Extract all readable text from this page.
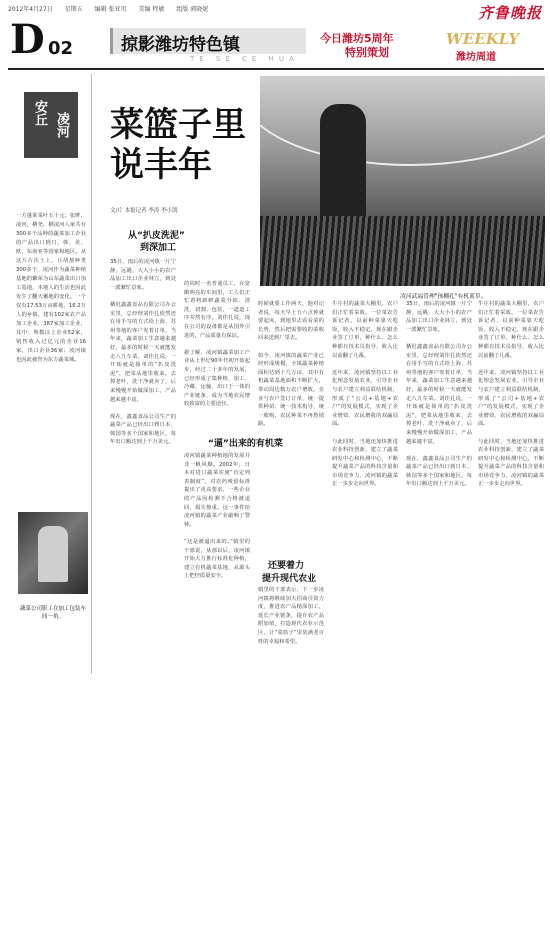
2012年4月27日 星期五 编辑 张亚男 美编 程敏 组版 郭晓妮	齐鲁晚报
D 02	掠影潍坊特色镇
TE SE CE HUA
今日潍坊5周年
特别策划
WEEKLY
潍坊周道
安丘 凌河
一方蓬莱菜叶五十元；张畔，凌河，栖尧，栖凌河人家共有300多个品种的蔬菜加工企业的产品出口到日、韩、美、欧、东南亚等国家和地区。从这片片沃土上，丘胡葱种类300多个，凌河作为蔬菜种植基地的繁荣为山东蔬菜出口加工基地，本地人的生活也因此发生了翻天覆地的变化。一个仅有17.53万亩耕地、16.2万人的乡镇，建有102家农产品加工企业，387家加工企业，其中：规模以上企业52家，销售收入过亿元的企业16家，出口企业36家；凌河镇也因此被誉为东方蔬菜城。
蔬菜公司职工在加工包装车间一角。
菜篮子里
说丰年
文/片 本报记者 李涛 李小凯
凌河武福管理"孩棚孔"有机蓝草。
从“扒皮洗泥”
到深加工
35日，雨后的凌河镇一片宁静，远眺，大大小小的农产品加工出口企业林立，到处一派繁忙景象。

栖迟鑫鑫食品有限公司办公室里，总经理刘佳扎依然还在用手写的方式给上海、苏州等地的客户发着订单，当年来，蔬菜加工生意越来越好，最多的时候一天就能发走八九车菜。刘佳扎说，一开始就是简单的“扒皮洗泥”，把菜从地里收来，去掉老叶、洗干净就卖了，后来慢慢开始做深加工，产品越来越丰富。

现在，鑫鑫食品公司生产的蔬菜产品已经出口到日本、韩国等多个国家和地区，每年出口额达到上千万美元。
的同时一名普通员工，在宽敞明亮的车间里，工人们正忙着将新鲜蔬菜分拣、清洗、切割、包装，一道道工序井然有序。刘佳扎说，现在公司的设备都是从国外引进的，产品质量有保证。

据了解，凌河镇蔬菜加工产业从上世纪90年代初开始起步，经过二十多年的发展，已经形成了集种植、加工、冷藏、运输、出口于一体的产业链条，成为当地农民增收致富的主要途径。
“逼”出来的有机菜
凌河镇蔬菜种植地的发展并非一帆风顺。2002年，日本对进口蔬菜实施“肯定列表制度”，对农药残留标准提出了更高要求，一些企业的产品因检测不合格被退回，损失惨重。这一事件给凌河镇的蔬菜产业敲响了警钟。

“这是被逼出来的。”镇里的干部说，从那以后，凌河镇开始大力推行标准化种植，建立有机蔬菜基地，从源头上把控质量安全。
时候就要工作两天，他对记者说，每天早上五六点钟就要起床，到地里去看看菜的长势，然后把需要收的菜收回来送到厂里去。

如今，凌河镇的蔬菜产业已经形成规模，全镇蔬菜种植面积达到十几万亩，其中有机蔬菜基地面积不断扩大，带动周边数万农户增收。企业与农户签订订单，统一提供种苗、统一技术指导、统一收购，农民种菜不再愁销路。
还要着力
提升现代农业
镇里的干部表示，下一步凌河镇将继续加大招商引资力度，推进农产品精深加工，延长产业链条，提升农产品附加值，打造现代农业示范区，让“菜篮子”里装满老百姓的幸福和希望。
牛庄村的蔬菜大棚里，农户们正忙着采收。一位菜农告诉记者，以前种菜靠天吃饭，收入不稳定，现在跟企业签了订单，种什么、怎么种都有技术员指导，收入比以前翻了几番。

近年来，凌河镇坚持以工业化理念发展农业，引导企业与农户建立利益联结机制，形成了“公司+基地+农户”的发展模式，实现了企业增效、农民增收的双赢局面。

与此同时，当地还加快推进农业科技创新，建立了蔬菜研发中心和检测中心，不断提升蔬菜产品的科技含量和市场竞争力，凌河镇的蔬菜正一步步走向世界。
35日，雨后的凌河镇一片宁静，远眺，大大小小的农产品加工出口企业林立，到处一派繁忙景象。

栖迟鑫鑫食品有限公司办公室里，总经理刘佳扎依然还在用手写的方式给上海、苏州等地的客户发着订单，当年来，蔬菜加工生意越来越好，最多的时候一天就能发走八九车菜。刘佳扎说，一开始就是简单的“扒皮洗泥”，把菜从地里收来，去掉老叶、洗干净就卖了，后来慢慢开始做深加工，产品越来越丰富。

现在，鑫鑫食品公司生产的蔬菜产品已经出口到日本、韩国等多个国家和地区，每年出口额达到上千万美元。
牛庄村的蔬菜大棚里，农户们正忙着采收。一位菜农告诉记者，以前种菜靠天吃饭，收入不稳定，现在跟企业签了订单，种什么、怎么种都有技术员指导，收入比以前翻了几番。

近年来，凌河镇坚持以工业化理念发展农业，引导企业与农户建立利益联结机制，形成了“公司+基地+农户”的发展模式，实现了企业增效、农民增收的双赢局面。

与此同时，当地还加快推进农业科技创新，建立了蔬菜研发中心和检测中心，不断提升蔬菜产品的科技含量和市场竞争力，凌河镇的蔬菜正一步步走向世界。
